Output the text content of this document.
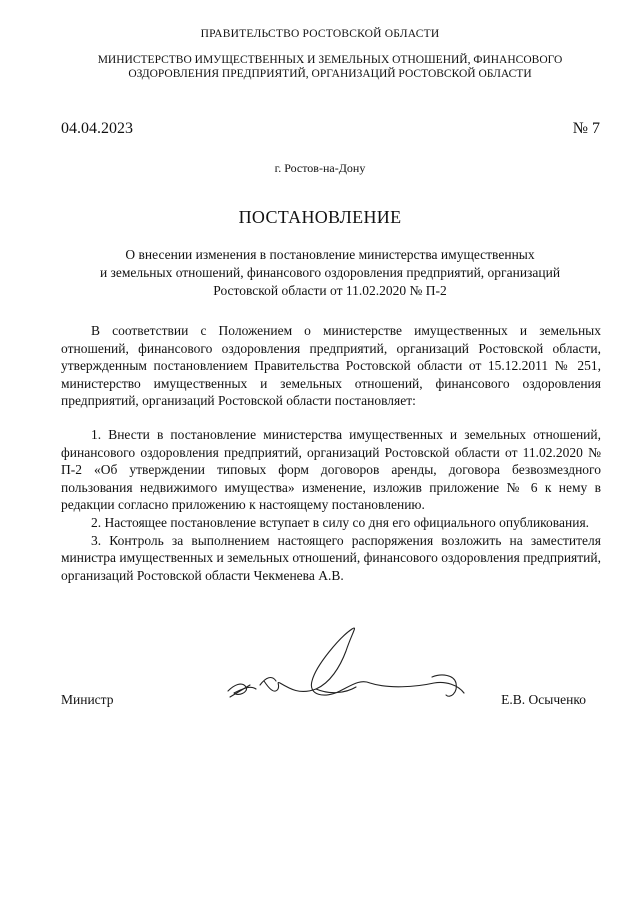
ПРАВИТЕЛЬСТВО РОСТОВСКОЙ ОБЛАСТИ
МИНИСТЕРСТВО ИМУЩЕСТВЕННЫХ И ЗЕМЕЛЬНЫХ ОТНОШЕНИЙ, ФИНАНСОВОГО
ОЗДОРОВЛЕНИЯ ПРЕДПРИЯТИЙ, ОРГАНИЗАЦИЙ РОСТОВСКОЙ ОБЛАСТИ
04.04.2023	№ 7
г. Ростов-на-Дону
ПОСТАНОВЛЕНИЕ
О внесении изменения в постановление министерства имущественных
и земельных отношений, финансового оздоровления предприятий, организаций
Ростовской области от 11.02.2020 № П-2

В соответствии с Положением о министерстве имущественных и земельных отношений, финансового оздоровления предприятий, организаций Ростовской области, утвержденным постановлением Правительства Ростовской области от 15.12.2011 № 251, министерство имущественных и земельных отношений, финансового оздоровления предприятий, организаций Ростовской области постановляет:

1. Внести в постановление министерства имущественных и земельных отношений, финансового оздоровления предприятий, организаций Ростовской области от 11.02.2020 № П-2 «Об утверждении типовых форм договоров аренды, договора безвозмездного пользования недвижимого имущества» изменение, изложив приложение № 6 к нему в редакции согласно приложению к настоящему постановлению.

2. Настоящее постановление вступает в силу со дня его официального опубликования.

3. Контроль за выполнением настоящего распоряжения возложить на заместителя министра имущественных и земельных отношений, финансового оздоровления предприятий, организаций Ростовской области Чекменева А.В.

Министр	Е.В. Осыченко
